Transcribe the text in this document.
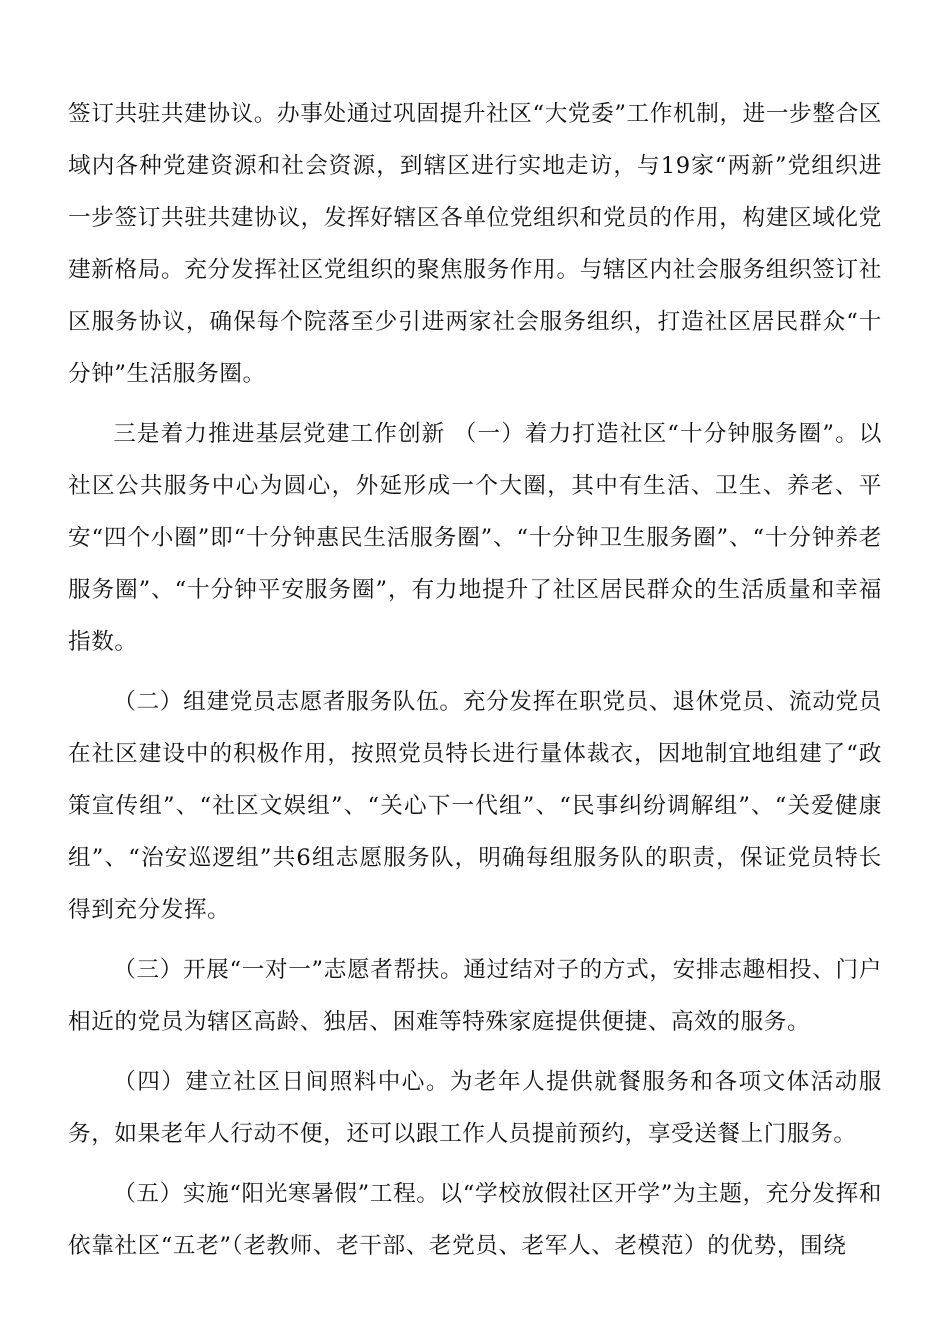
签订共驻共建协议。办事处通过巩固提升社区“大党委”工作机制，进一步整合区域内各种党建资源和社会资源，到辖区进行实地走访，与19家“两新”党组织进一步签订共驻共建协议，发挥好辖区各单位党组织和党员的作用，构建区域化党建新格局。充分发挥社区党组织的聚焦服务作用。与辖区内社会服务组织签订社区服务协议，确保每个院落至少引进两家社会服务组织，打造社区居民群众“十分钟”生活服务圈。

三是着力推进基层党建工作创新 （一）着力打造社区“十分钟服务圈”。以社区公共服务中心为圆心，外延形成一个大圈，其中有生活、卫生、养老、平安“四个小圈”即“十分钟惠民生活服务圈”、“十分钟卫生服务圈”、“十分钟养老服务圈”、“十分钟平安服务圈”，有力地提升了社区居民群众的生活质量和幸福指数。

（二）组建党员志愿者服务队伍。充分发挥在职党员、退休党员、流动党员在社区建设中的积极作用，按照党员特长进行量体裁衣，因地制宜地组建了“政策宣传组”、“社区文娱组”、“关心下一代组”、“民事纠纷调解组”、“关爱健康组”、“治安巡逻组”共6组志愿服务队，明确每组服务队的职责，保证党员特长得到充分发挥。

（三）开展“一对一”志愿者帮扶。通过结对子的方式，安排志趣相投、门户相近的党员为辖区高龄、独居、困难等特殊家庭提供便捷、高效的服务。

（四）建立社区日间照料中心。为老年人提供就餐服务和各项文体活动服务，如果老年人行动不便，还可以跟工作人员提前预约，享受送餐上门服务。

（五）实施“阳光寒暑假”工程。以“学校放假社区开学”为主题，充分发挥和依靠社区“五老”（老教师、老干部、老党员、老军人、老模范）的优势，围绕
